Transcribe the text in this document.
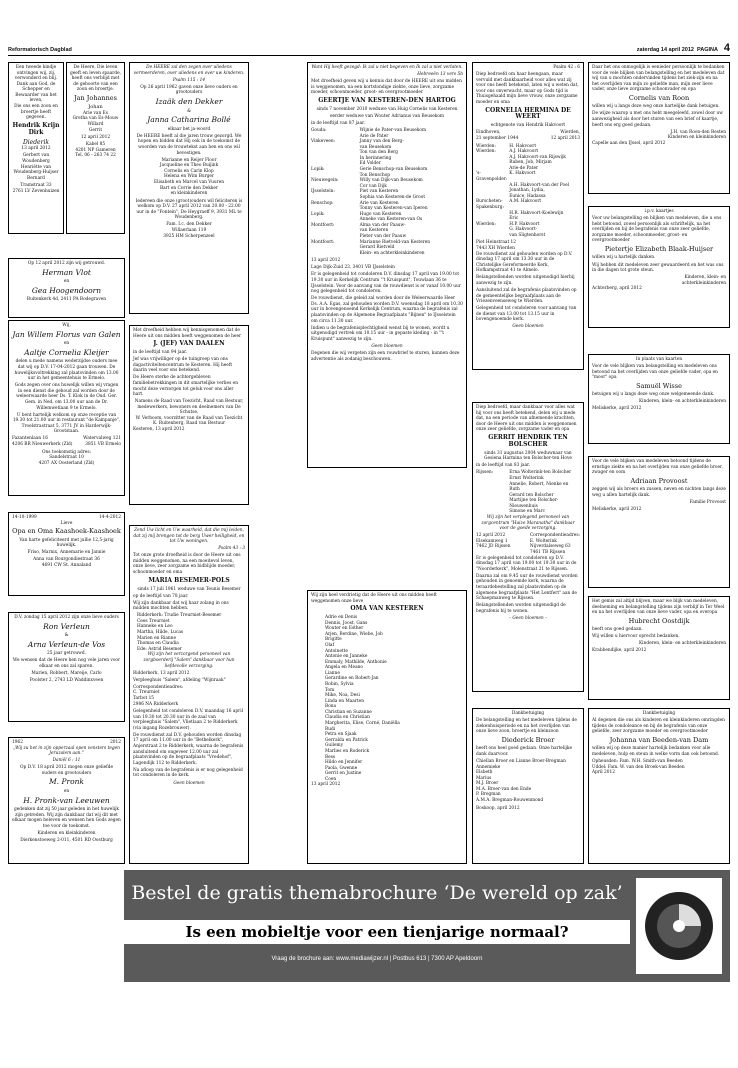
Reformatorisch Dagblad	zaterdag 14 april 2012 PAGINA 4
Een tweede kindje ontvingen wij, zij, verwonderd en blij.
Dank aan God, de Schepper en Bewaarder van het leven,
Die ons een zoon en broertje heeft gegeven.
Hendrik Krijn Dirk
Diederik

13 april 2012

Gerbert van Woudenberg
Henriëtte van Woudenberg-Huijser
Bernard
Tramstraat 33
2761 LV Zevenhuizen
De Heere, Die leven geeft en leven spaarde, heeft ons verblijd met de geboorte van een zoon en broertje.
Jan Johannes
Johan
Arie van Es
Gretha van Es-Mouw
Willard
Gerrit

12 april 2012

Kabel 85
4201 NP Gameren
Tel. 06 - 263 74 22

Op 12 april 2012 zijn wij getrouwd.

Herman Vlot
en
Gea Hoogendoorn

Buitenkerk 4d, 2411 PA Bodegraven

Wij,
Jan Willem Florus van Galen
en
Aaltje Cornelia Kleijer

delen u mede namens wederzijdse ouders mee dat wij op D.V. 17-04-2012 gaan trouwen. De huwelijksvoltrekking zal plaatsvinden om 13.00 uur in het gemeentehuis te Ermelo.

Gods zegen over ons huwelijk willen wij vragen in een dienst die gehoud zal worden door de weleerwaarde heer Ds. T. Klok in de Oud. Ger. Gem. in Ned. om 13.00 uur aan de Dr. Willemwetlaan 9 te Ermelo.

U bent hartelijk welkom op onze receptie van 19.30 tot 21.00 uur in restaurant "de Kampanje", Troelstrastraat 5, 3771 JV in Harderwijk-Grootstaan.

Fazantenlaan 16
4206 BR Nieuwerkerk (Zld)
Watervalweg 121
3851 VB Ermelo
Ons toekomstig adres:
Sandelstraat 10
4207 AX Oosterland (Zld)
14-10-1999	14-4-2012
Lieve
Opa en Oma Kaashoek-Kaashoek

Van harte gefeliciteerd met jullie 12,5-jarig huwelijk.

Friso, Marnix, Annemarie en Jannie

Anna van Bourgondiestraat 36
4691 CW St. Annaland

D.V. zondag 15 april 2012 zijn onze lieve ouders

Ron Verleun
&
Arna Verleun-de Vos

25 jaar getrouwd.

We wensen dat de Heere hen nog vele jaren voor elkaar en ons zal sparen.

Marien, Robbert, Mareije, Carlo

Poolster 2, 2743 LD Waddinxveen

1962	2012

„Wij zu het in zijn opperzaal open vensters tegen Jeruzalem aan."

Daniël 6 : 11

Op D.V. 18 april 2012 mogen onze geliefde ouders en grootouders

M. Pronk
en
H. Pronk-van Leeuwen

gedenken dat zij 50 jaar geleden in het huwelijk zijn getreden. Wij zijn dankbaar dat wij dit met elkaar mogen beleven en wensen hen Gods zegen toe voor de toekomst.

Kinderen en kleinkinderen

Dierkenstoeweg 2-011, 4501 RD Oostburg

De HEERE zal den zegen over uliedens vermeerderen, over uliedens en over uw kinderen.

Psalm 115 : 14

Op 26 april 1962 gaven onze lieve ouders en grootouders

Izaäk den Dekker
&
Janna Catharina Bollé

elkaar het ja-woord

De HEERE heeft al die jaren trouw gezorgd. We hopen en bidden dat Hij ook in de toekomst de woorden van de trouwtekst aan hen en ons wil bevestigen.

Marianne en Reijer Floor
Jacqueline en Theo Buijink
Cornelis en Carin Klop
Helena en Wim Burger
Elisabeth en Marcel van Vuuren
Bart en Corrie den Dekker
en kleinkinderen

Iedereen die onze (groot)ouders wil feliciteren is welkom op D.V. 27 april 2012 van 20.00 - 22.00 uur in de "Fontein", De Heygraeff 9, 3931 ML te Woudenberg.

Fam. I.c. den Dekker
Willaerlaan 119
3925 HM Scherpenzeel

Met droefheid hebben wij kennisgenomen dat de Heere uit ons midden heeft weggenomen de heer

J. (JEF) VAN DAALEN

in de leeftijd van 94 jaar.

Jef was vrijwilliger op de tuingroep van ons dagactiviteitencentrum te Kesteren. Hij heeft daarin veel voor ons betekend.

De Heere sterke de achtergebleven familiebetrekkingen in dit smartelijke verlies en mocht deze verzorgen tot geluk voor ons aller hart.

Namens de Raad van Toezicht, Raad van Bestuur, medewerkers, bewoners en deelnemers van De Schutse,
W. Verboom, voorzitter van de Raad van Toezicht
K. Ruitenberg, Raad van Bestuur

Kesteren, 13 april 2012

Zend Uw licht en Uw waarheid, dat die mij leiden, dat zij mij brengen tot de berg Uwer heiligheid, en tot Uw woningen.

Psalm 43 : 3

Tot onze grote droefheid is door de Heere uit ons midden weggenomen, na een moeitevol leven, onze lieve, zeer zorgzame en bidblijde moeder, schoonmoeder en oma

MARIA BESEMER-POLS

sinds 17 juli 1961 weduwe van Teunis Besemer

op de leeftijd van 78 jaar.

Wij zijn dankbaar dat wij haar zolang in ons midden mochten hebben.

Ridderkerk: Trudie Treurniet-Besemer
Cees Treurniet
Hanneke en Leo
Martha, Hilde, Lucas
Marien en Rianne
Thomas en Claudia
Ede: Astrid Besemer

Wij zijn het verzorgend personeel van zorgboerderij "Salem" dankbaar voor hun liefdevolle verzorging.

Ridderkerk, 13 april 2012

Verpleeghuis "Salem", afdeling "Wijnraak"

Correspondentieadres:
C. Treurniet
Tarbot 15
2986 NA Ridderkerk

Gelegenheid tot condoleren D.V. maandag 16 april van 19.30 tot 20.30 uur in de zaal van verpleeghuis "Salem", Vlietlaan 2 te Ridderkerk (via ingang Rozebrouwer).

De rouwdienst zal D.V. gehouden worden dinsdag 17 april om 11.00 uur in de "Bethelkerk", Anjerstraat 2 te Ridderkerk, waarna de begrafenis aansluitend om ongeveer 12.00 uur zal plaatsvinden op de begraafplaats "Vredehof", Lagendijk 112 te Ridderkerk.

Na afloop van de begrafenis is er nog gelegenheid tot condoleren in de kerk.

Geen bloemen

Want Hij heeft gezegd: Ik zal u niet begeven en Ik zal u niet verlaten.

Hebreeën 13 vers 5b

Met droefheid geven wij u kennis dat door de HEERE uit ons midden is weggenomen, na een kortstondige ziekte, onze lieve, zorgzame moeder, schoonmoeder, groot- en overgrootmoeder

GEERTJE VAN KESTEREN-DEN HARTOG

sinds 7 november 2010 weduwe van Huig Cornelis van Kesteren

eerder weduwe van Wouter Adrianus van Beusekom

in de leeftijd van 87 jaar.

Gouda:	Wijnie de Pater-van Beusekom
Arie de Pater
Vinkeveen:	Janny van den Berg-
van Beusekom
Ton van den Berg
In herinnering
Ed Volder
Lopik:	Gerie Benschop-van Beusekom
Ton Benschop
Nieuwegein:	Willy van Dijk-van Beusekom
Cor van Dijk
IJsselstein:	Piet van Kesteren
Sophia van Kesteren-de Groot
Benschop:	Arie van Kesteren
Tonny van Kesteren-van Iperen
Lopik:	Hugo van Kesteren
Anneke van Kesteren-van Os
Montfoort:	Alma van der Paauw-
van Kesteren
Pieter van der Paauw
Montfoort:	Marianne Rietveld-van Kesteren
Gerard Rietveld
Klein- en achterkleinkinderen

13 april 2012

Lage Dijk-Zuid 23, 3401 VB IJsselstein

Er is gelegenheid tot condoleren D.V. dinsdag 17 april van 19.00 tot 19.30 uur in Kerkelijk Centrum "'t Kruispunt", Touwlaan 36 te IJsselstein. Voor de aanvang van de rouwdienst is er vanaf 10.00 uur nog gelegenheid tot condoleren.

De rouwdienst, die geleid zal worden door de Weleerwaarde Heer Ds. A.A. Egas, zal gehouden worden D.V. woensdag 18 april om 10.30 uur in bovengenoemd Kerkelijk Centrum, waarna de begrafenis zal plaatsvinden op de Algemene Begraafplaats "Bijnen" te IJsselstein om circa 11.30 uur.

Indien u de begrafenisplechtigheid wenst bij te wonen, wordt u uitgenodigd vertrek om 10.15 uur - in gepaste kleding - in "'t Kruispunt" aanwezig te zijn.

Geen bloemen

Degenen die wij vergeten zijn een rouwbrief te sturen, kunnen deze advertentie als zodanig beschouwen.

Wij zijn heel verdrietig dat de Heere uit ons midden heeft weggenomen onze lieve

OMA VAN KESTEREN
Adrie en Denis
Dennis, Joost, Gans
Wouter en Esther
Arjen, Berdine, Wiebe, Job
Brigitte
Olaf
Antoinette
Antonie en Janneke
Emmaly, Mathilde, Anthonie
Angela en Meano
Lianne
Gerardine en Robert-Jan
Robin, Sylvia
Tom
Mike, Noa, Desi
Linda en Maarten
Bona
Christian en Suzanne
Claudia en Christian
Margherita, Elise, Corné, Daniëlla
Rudi
Petra en Sjaak
Gerralda en Patrick
Guilemy
Marlies en Roderick
Bess
Hildo en Jennifer
Paola, Gwenne
Gerrit en Justine
Coen

13 april 2012

Psalm 42 : 6

Diep bedroefd om haar heengaan, maar vervuld met dankbaarheid voor alles wat zij voor ons heeft betekend, laten wij u weten dat, voor ons onverwacht, maar op Gods tijd is Thuisgehaald mijn lieve vrouw, onze zorgzame moeder en oma

CORNELIA HERMINA DE WEERT

echtgenote van Hendrik Hakvoort

Eindhoven,	Wierden,
21 september 1944	12 april 2013
Wierden:	H. Hakvoort
Wierden:	A.J. Hakvoort
A.J. Hakvoort-van Rijswijk
Ruben, Job, Mirjam
Arie-de Pater
's-Gravenpolder:
K. Hakvoort
A.H. Hakvoort-van der Poel
Jonathan, Lydia,
Eunice, Hadassa
Burscheten-Spakenburg:
A.M. Hakvoort
H.R. Hakvoort-Koelewijn
Eric
Wierden:	H.P. Hakvoort
G. Hakvoort-
van Sligtenhorst
Piet Heinstraat 12
7443 XH Wierden

De rouwdienst zal gehouden worden op D.V. dinsdag 17 april om 13.30 uur in de Christelijke Gereformeerde Kerk, Hofkampstraat 41 te Almelo.

Belangstellenden worden uitgenodigd hierbij aanwezig te zijn.

Aansluitend zal de begrafenis plaatsvinden op de gemeentelijke begraafplaats aan de Vriezenveenseweg te Wierden.

Gelegenheid tot condoleren voor aanvang van de dienst van 13.00 tot 13.15 uur in bovengenoemde kerk.

Geen bloemen

Diep bedroefd, maar dankbaar voor alles wat hij voor ons heeft betekend, delen wij u mede dat, na een periode van afnemende krachten, door de Heere uit ons midden is weggenomen onze zeer geliefde, zorgzame vader en opa

GERRIT HENDRIK TEN BOLSCHER

sinds 31 augustus 2004 weduwnaar van Gesiena Harmina ten Bolscher-ten Hove

in de leeftijd van 83 jaar.

Rijssen:	Erna Wolterink-ten Bolscher
Ernst Wolterink
Annelie, Robert, Nienke en Ruth
Gerard ten Bolscher
Martijne ten Bolscher-Nieuwenhuis
Simone en Marc

Wij zijn het verplegend personeel van zorgcentrum "Huize Maranatha" dankbaar voor de goede verzorging.

12 april 2012
Elsekamweg 1
7462 JD Rijssen
Correspondentieadres:
E. Wolterink
Nijverdalseweg 63
7461 TB Rijssen

Er is gelegenheid tot condoleren op D.V. dinsdag 17 april van 19.00 tot 19.30 uur in de "Noorderkerk", Molenstraat 21 te Rijssen.

Daarna zal om 9.45 uur de rouwdienst worden gehouden in genoemde kerk, waarna de teraardebestelling zal plaatsvinden op de algemene begraafplaats "Het Lentfert" aan de Schaepmanweg te Rijssen.

Belangstellenden worden uitgenodigd de begrafenis bij te wonen.

– Geen bloemen –

Dankbetuiging

De belangstelling en het medeleven tijdens de ziekenhuisperiode en na het overlijden van onze lieve zoon, broertje en kleinzoon

Diederick Broer

heeft ons heel goed gedaan. Onze hartelijke dank daarvoor.

Chiellan Broer en Lianne Broer-Bregman
Annemieke
Elsbeth
Marius
M.J. Broer
M.A. Broer-van den Ende
P. Bregman
A.M.A. Bregman-Rouwenmond

Boskoop, april 2012

Daar het ons onmogelijk is eenieder persoonlijk te bedanken voor de vele blijken van belangstelling en het medeleven dat wij van u mochten ondervinden tijdens het ziek-zijn en na het overlijden van mijn zo geliefde man, mijn zeer lieve vader, onze lieve zorgzame schoonvader en opa

Cornelis van Roon

willen wij u langs deze weg onze hartelijke dank betuigen.

De wijze waarop u met ons hebt meegeleefd, zowel door uw aanwezigheid als door het sturen van een brief of kaartje, heeft ons erg goed gedaan.

J.H. van Roon-den Besten
Kinderen en kleinkinderen

Capelle aan den IJssel, april 2012

i.p.v. kaartjes

Voor uw belangstelling en blijken van medeleven, die u ons hebt betoond, zowel persoonlijk als schriftelijk, na het overlijden en bij de begrafenis van onze zeer geliefde, zorgzame moeder, schoonmoeder, groot- en overgrootmoeder

Pietertje Elizabeth Blaak-Huijser

willen wij u hartelijk danken.

Wij hebben dit medeleven zeer gewaardeerd en het was ons in die dagen tot grote steun.

Kinderen, klein- en
achterkleinkinderen

Achterberg, april 2012

In plaats van kaarten

Voor de vele blijken van belangstelling en medeleven ons betoond na het overlijden van onze geliefde vader, opa en "moor" opa

Samuël Wisse

betuigen wij u langs deze weg onze welgemeende dank.

Kinderen, klein- en achterkleinkinderen

Meliskerke, april 2012

Voor de vele blijken van medeleven betoond tijdens de ernstige ziekte en na het overlijden van onze geliefde broer, zwager en oom

Adriaan Provoost

zeggen wij als broers en zussen, neven en nichten langs deze weg u allen hartelijk dank.

Familie Provoost

Meliskerke, april 2012

Het gemis zal altijd blijven, maar we blijk van medeleven, deelneming en belangstelling tijdens zijn verblijf in Ter Weel en na het overlijden van onze lieve vader, opa en overopa

Hubrecht Oostdijk

heeft ons goed gedaan.

Wij willen u hiervoor oprecht bedanken.

Kinderen, klein- en achterkleinkinderen

Krabbendijke, april 2012

Dankbetuiging

Al degenen die ons als kinderen en kleinkinderen omringden tijdens de condoleance en bij de begrafenis van onze geliefde, zeer zorgzame moeder en overgrootmoeder

Johanna van Beeden-van Dam

willen wij op deze manier hartelijk bedanken voor alle medeleven, hulp en steun in welke vorm dan ook betoond.

Opheusden: Fam. W.H. Smith-van Beeden
Uddel: Fam. W. van den Broek-van Beeden

April 2012

Bestel de gratis themabrochure ‘De wereld op zak’
Is een mobieltje voor een tienjarige normaal?
Vraag de brochure aan: www.mediawijzer.nl | Postbus 613 | 7300 AP Apeldoorn
